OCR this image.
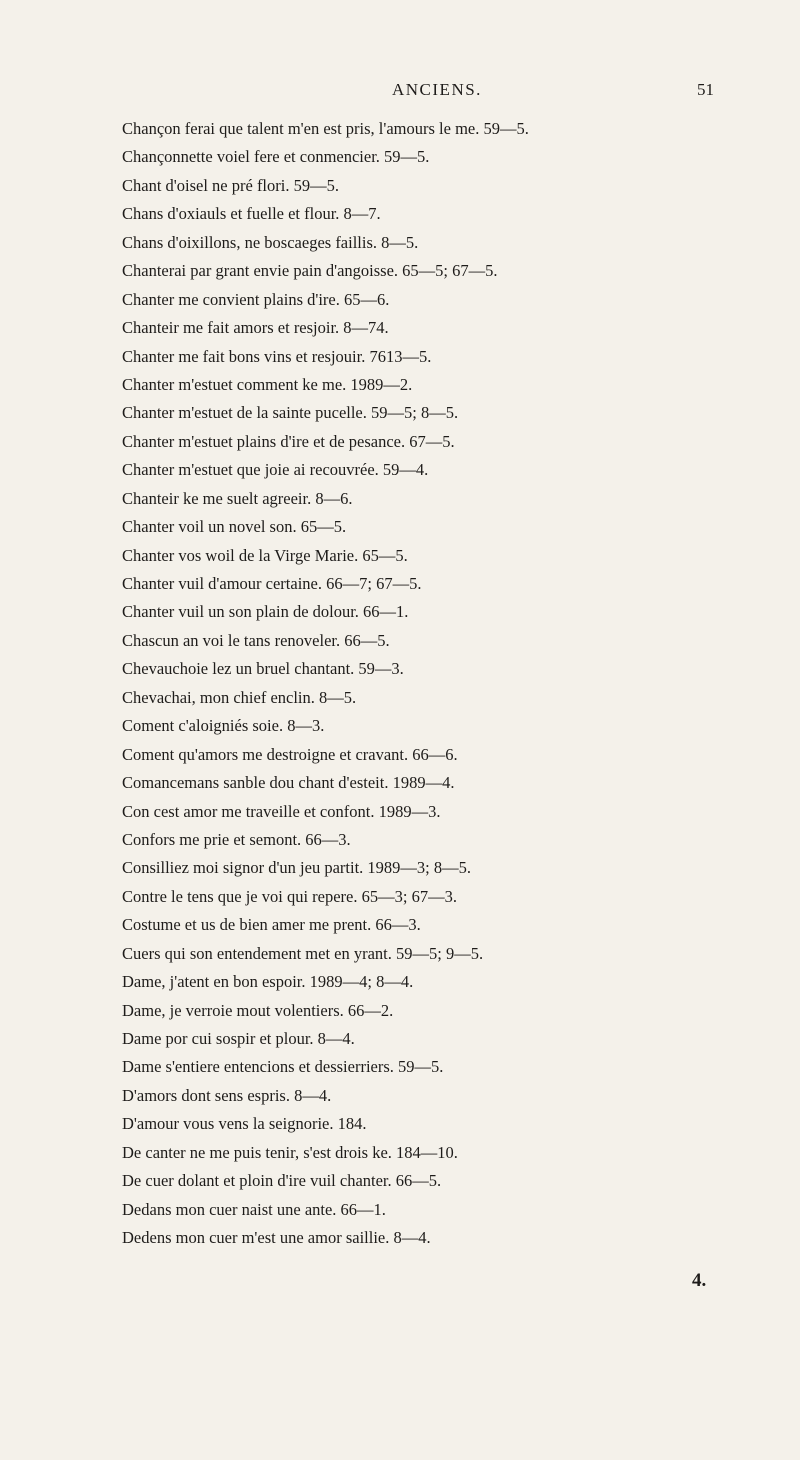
ANCIENS.	51
Chançon ferai que talent m'en est pris, l'amours le me. 59—5.
Chançonnette voiel fere et conmencier. 59—5.
Chant d'oisel ne pré flori. 59—5.
Chans d'oxiauls et fuelle et flour. 8—7.
Chans d'oixillons, ne boscaeges faillis. 8—5.
Chanterai par grant envie pain d'angoisse. 65—5; 67—5.
Chanter me convient plains d'ire. 65—6.
Chanteir me fait amors et resjoir. 8—74.
Chanter me fait bons vins et resjouir. 7613—5.
Chanter m'estuet comment ke me. 1989—2.
Chanter m'estuet de la sainte pucelle. 59—5; 8—5.
Chanter m'estuet plains d'ire et de pesance. 67—5.
Chanter m'estuet que joie ai recouvrée. 59—4.
Chanteir ke me suelt agreeir. 8—6.
Chanter voil un novel son. 65—5.
Chanter vos woil de la Virge Marie. 65—5.
Chanter vuil d'amour certaine. 66—7; 67—5.
Chanter vuil un son plain de dolour. 66—1.
Chascun an voi le tans renoveler. 66—5.
Chevauchoie lez un bruel chantant. 59—3.
Chevachai, mon chief enclin. 8—5.
Coment c'aloigniés soie. 8—3.
Coment qu'amors me destroigne et cravant. 66—6.
Comancemans sanble dou chant d'esteit. 1989—4.
Con cest amor me traveille et confont. 1989—3.
Confors me prie et semont. 66—3.
Consilliez moi signor d'un jeu partit. 1989—3; 8—5.
Contre le tens que je voi qui repere. 65—3; 67—3.
Costume et us de bien amer me prent. 66—3.
Cuers qui son entendement met en yrant. 59—5; 9—5.
Dame, j'atent en bon espoir. 1989—4; 8—4.
Dame, je verroie mout volentiers. 66—2.
Dame por cui sospir et plour. 8—4.
Dame s'entiere entencions et dessierriers. 59—5.
D'amors dont sens espris. 8—4.
D'amour vous vens la seignorie. 184.
De canter ne me puis tenir, s'est drois ke. 184—10.
De cuer dolant et ploin d'ire vuil chanter. 66—5.
Dedans mon cuer naist une ante. 66—1.
Dedens mon cuer m'est une amor saillie. 8—4.
4.
